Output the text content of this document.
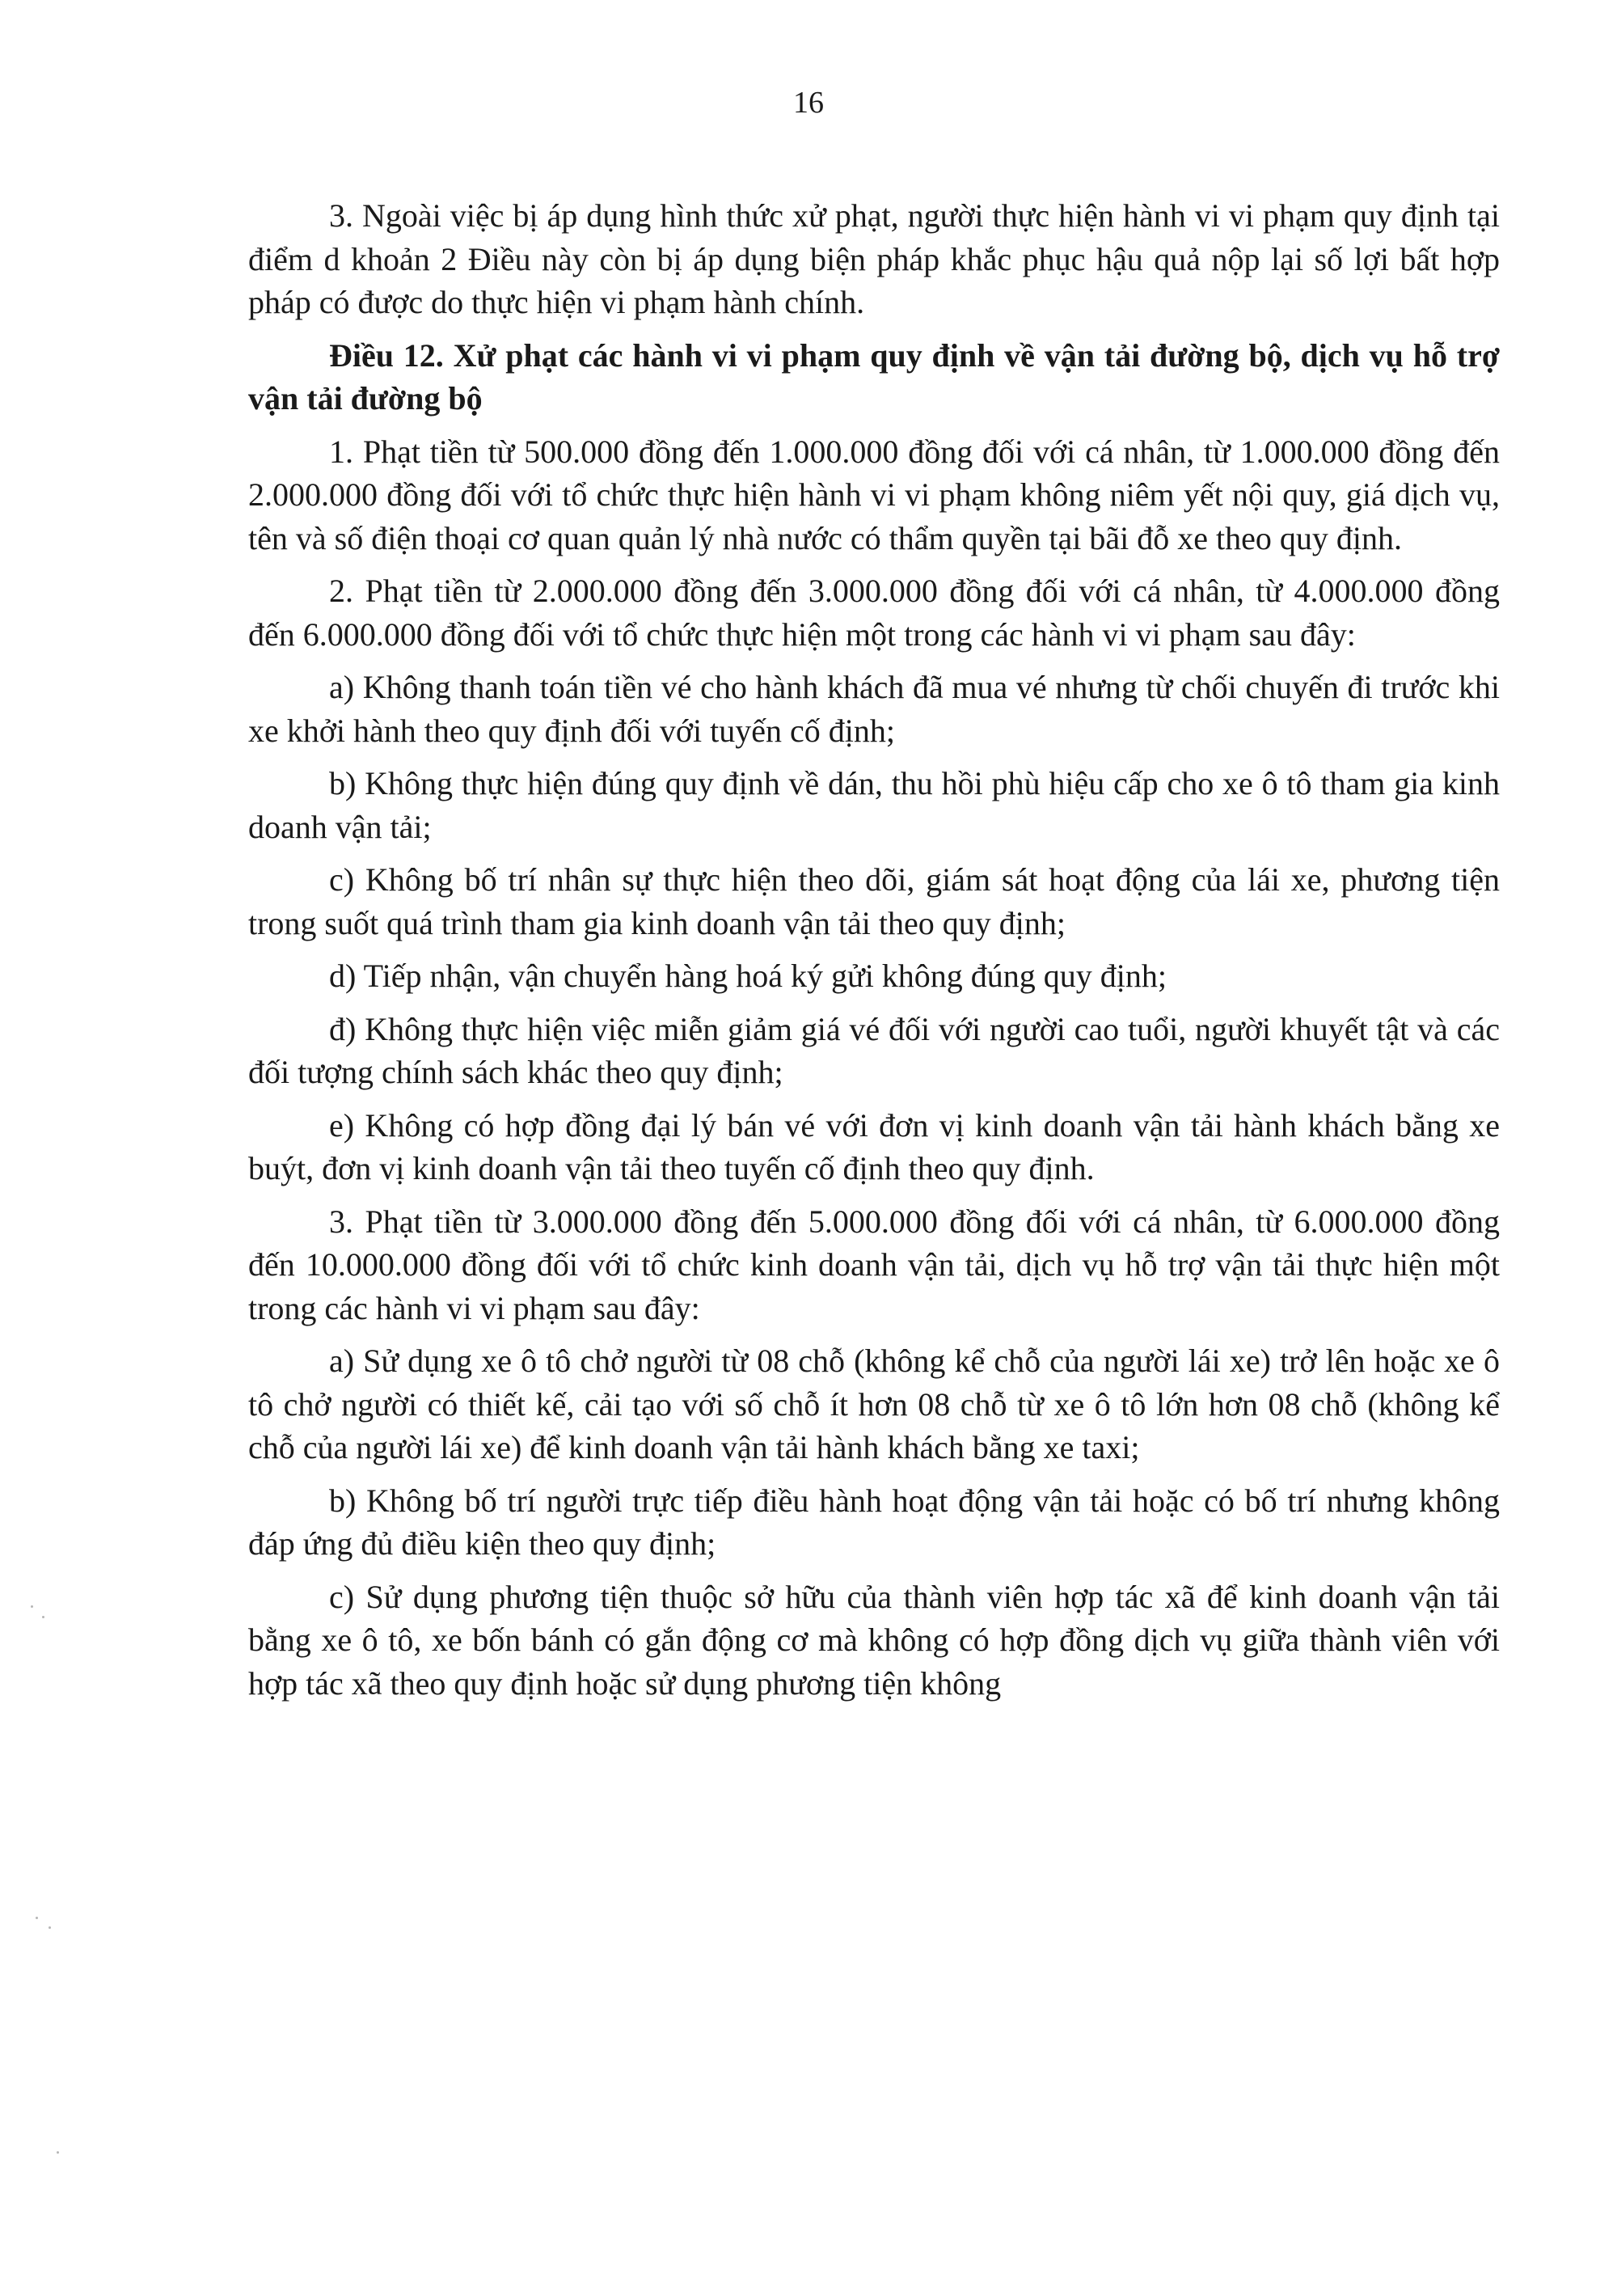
16

3. Ngoài việc bị áp dụng hình thức xử phạt, người thực hiện hành vi vi phạm quy định tại điểm d khoản 2 Điều này còn bị áp dụng biện pháp khắc phục hậu quả nộp lại số lợi bất hợp pháp có được do thực hiện vi phạm hành chính.

Điều 12. Xử phạt các hành vi vi phạm quy định về vận tải đường bộ, dịch vụ hỗ trợ vận tải đường bộ

1. Phạt tiền từ 500.000 đồng đến 1.000.000 đồng đối với cá nhân, từ 1.000.000 đồng đến 2.000.000 đồng đối với tổ chức thực hiện hành vi vi phạm không niêm yết nội quy, giá dịch vụ, tên và số điện thoại cơ quan quản lý nhà nước có thẩm quyền tại bãi đỗ xe theo quy định.

2. Phạt tiền từ 2.000.000 đồng đến 3.000.000 đồng đối với cá nhân, từ 4.000.000 đồng đến 6.000.000 đồng đối với tổ chức thực hiện một trong các hành vi vi phạm sau đây:

a) Không thanh toán tiền vé cho hành khách đã mua vé nhưng từ chối chuyến đi trước khi xe khởi hành theo quy định đối với tuyến cố định;

b) Không thực hiện đúng quy định về dán, thu hồi phù hiệu cấp cho xe ô tô tham gia kinh doanh vận tải;

c) Không bố trí nhân sự thực hiện theo dõi, giám sát hoạt động của lái xe, phương tiện trong suốt quá trình tham gia kinh doanh vận tải theo quy định;

d) Tiếp nhận, vận chuyển hàng hoá ký gửi không đúng quy định;

đ) Không thực hiện việc miễn giảm giá vé đối với người cao tuổi, người khuyết tật và các đối tượng chính sách khác theo quy định;

e) Không có hợp đồng đại lý bán vé với đơn vị kinh doanh vận tải hành khách bằng xe buýt, đơn vị kinh doanh vận tải theo tuyến cố định theo quy định.

3. Phạt tiền từ 3.000.000 đồng đến 5.000.000 đồng đối với cá nhân, từ 6.000.000 đồng đến 10.000.000 đồng đối với tổ chức kinh doanh vận tải, dịch vụ hỗ trợ vận tải thực hiện một trong các hành vi vi phạm sau đây:

a) Sử dụng xe ô tô chở người từ 08 chỗ (không kể chỗ của người lái xe) trở lên hoặc xe ô tô chở người có thiết kế, cải tạo với số chỗ ít hơn 08 chỗ từ xe ô tô lớn hơn 08 chỗ (không kể chỗ của người lái xe) để kinh doanh vận tải hành khách bằng xe taxi;

b) Không bố trí người trực tiếp điều hành hoạt động vận tải hoặc có bố trí nhưng không đáp ứng đủ điều kiện theo quy định;

c) Sử dụng phương tiện thuộc sở hữu của thành viên hợp tác xã để kinh doanh vận tải bằng xe ô tô, xe bốn bánh có gắn động cơ mà không có hợp đồng dịch vụ giữa thành viên với hợp tác xã theo quy định hoặc sử dụng phương tiện không
